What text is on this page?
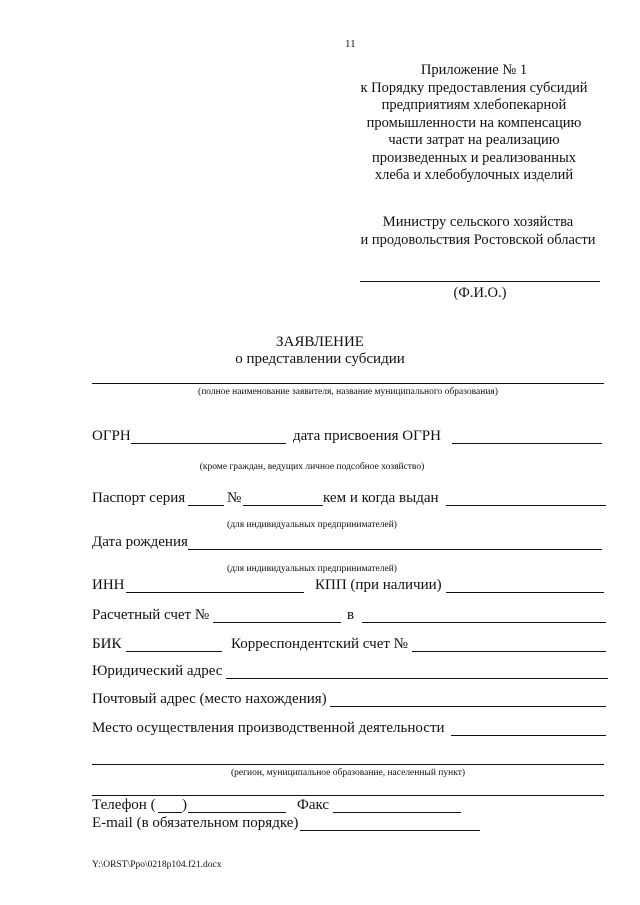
11
Приложение № 1
к Порядку предоставления субсидий
предприятиям хлебопекарной
промышленности на компенсацию
части затрат на реализацию
произведенных и реализованных
хлеба и хлебобулочных изделий
Министру сельского хозяйства
и продовольствия Ростовской области
(Ф.И.О.)
ЗАЯВЛЕНИЕ
о представлении субсидии
(полное наименование заявителя, название муниципального образования)
ОГРН	дата присвоения ОГРН
(кроме граждан, ведущих личное подсобное хозяйство)
Паспорт серия	№	кем и когда выдан
(для индивидуальных предпринимателей)
Дата рождения
(для индивидуальных предпринимателей)
ИНН	КПП (при наличии)
Расчетный счет №	в
БИК	Корреспондентский счет №
Юридический адрес
Почтовый адрес (место нахождения)
Место осуществления производственной деятельности
(регион, муниципальное образование, населенный пункт)
Телефон ( )	Факс
E-mail (в обязательном порядке)
Y:\ORST\Ppo\0218p104.f21.docx
